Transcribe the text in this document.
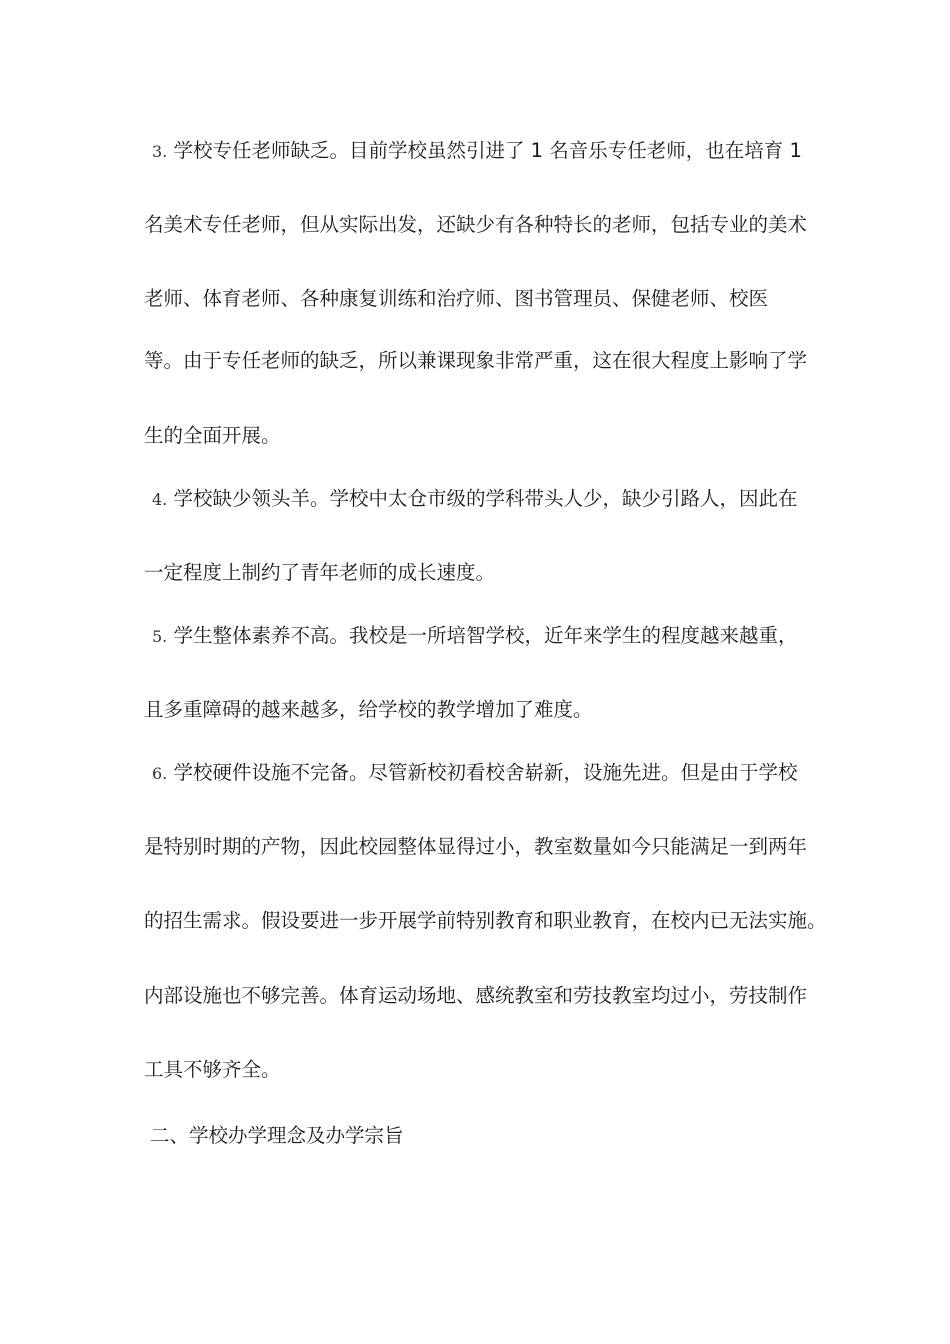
3. 学校专任老师缺乏。目前学校虽然引进了 1 名音乐专任老师，也在培育 1
名美术专任老师，但从实际出发，还缺少有各种特长的老师，包括专业的美术
老师、体育老师、各种康复训练和治疗师、图书管理员、保健老师、校医
等。由于专任老师的缺乏，所以兼课现象非常严重，这在很大程度上影响了学
生的全面开展。
4. 学校缺少领头羊。学校中太仓市级的学科带头人少，缺少引路人，因此在
一定程度上制约了青年老师的成长速度。
5. 学生整体素养不高。我校是一所培智学校，近年来学生的程度越来越重，
且多重障碍的越来越多，给学校的教学增加了难度。
6. 学校硬件设施不完备。尽管新校初看校舍崭新，设施先进。但是由于学校
是特别时期的产物，因此校园整体显得过小，教室数量如今只能满足一到两年
的招生需求。假设要进一步开展学前特别教育和职业教育，在校内已无法实施。
内部设施也不够完善。体育运动场地、感统教室和劳技教室均过小，劳技制作
工具不够齐全。
二、学校办学理念及办学宗旨
